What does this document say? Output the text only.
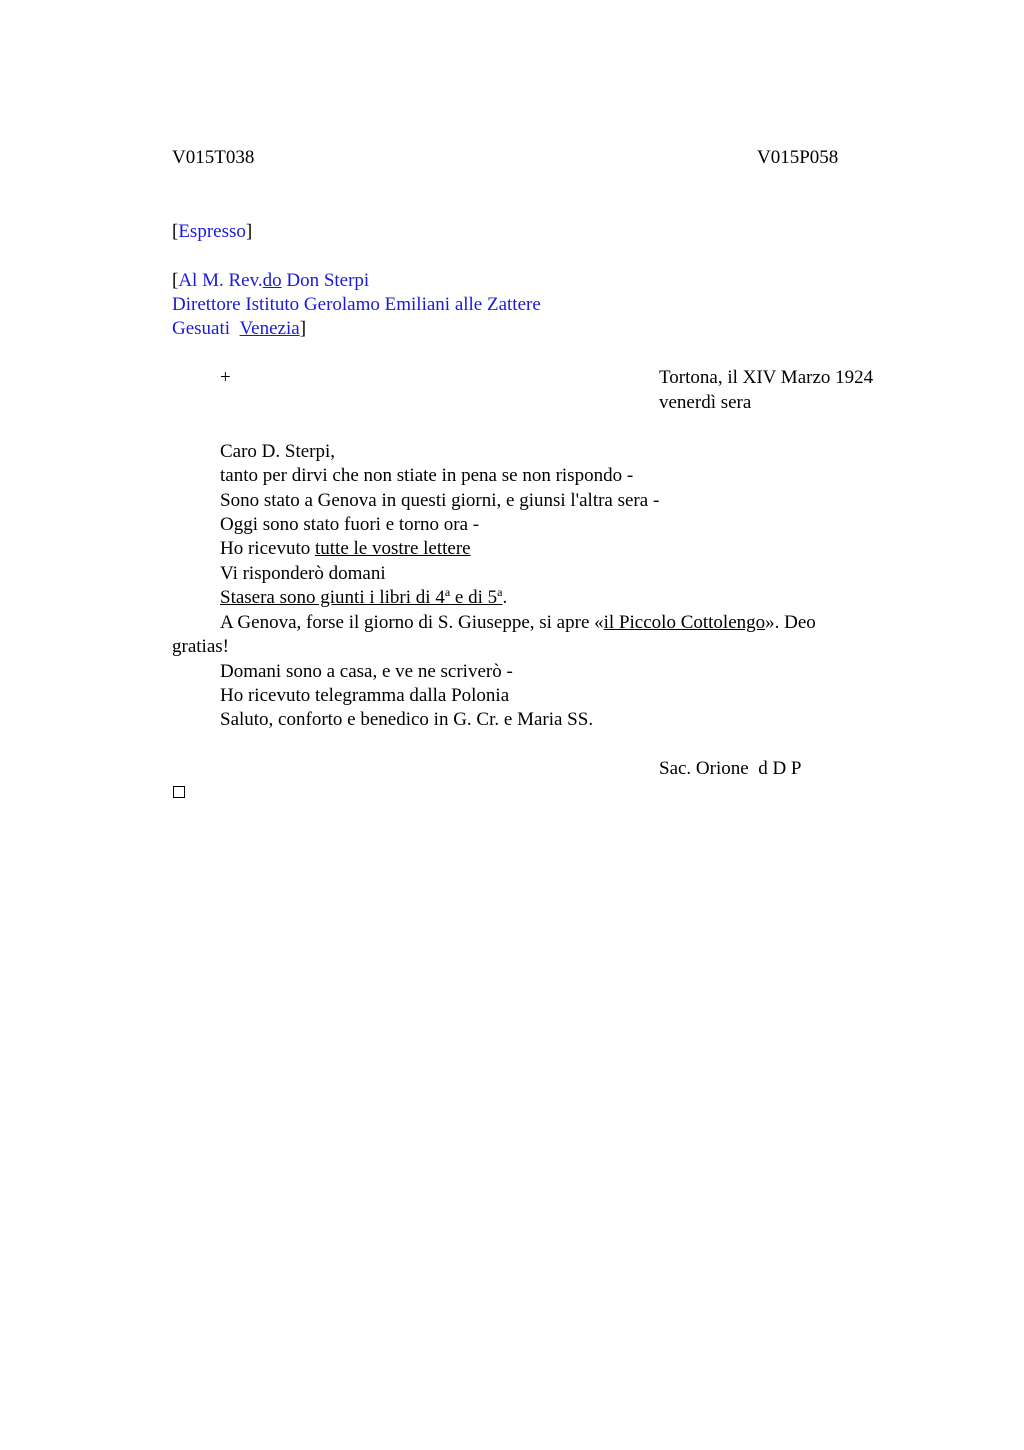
V015T038	V015P058
[Espresso]
[Al M. Rev.do Don Sterpi
Direttore Istituto Gerolamo Emiliani alle Zattere
Gesuati Venezia]
+	Tortona, il XIV Marzo 1924
venerdì sera
Caro D. Sterpi,
tanto per dirvi che non stiate in pena se non rispondo -
Sono stato a Genova in questi giorni, e giunsi l'altra sera -
Oggi sono stato fuori e torno ora -
Ho ricevuto tutte le vostre lettere
Vi risponderò domani
Stasera sono giunti i libri di 4$^a$ e di 5$^a$.
A Genova, forse il giorno di S. Giuseppe, si apre «il Piccolo Cottolengo». Deo
gratias!
Domani sono a casa, e ve ne scriverò -
Ho ricevuto telegramma dalla Polonia
Saluto, conforto e benedico in G. Cr. e Maria SS.
Sac. Orione  d D P
